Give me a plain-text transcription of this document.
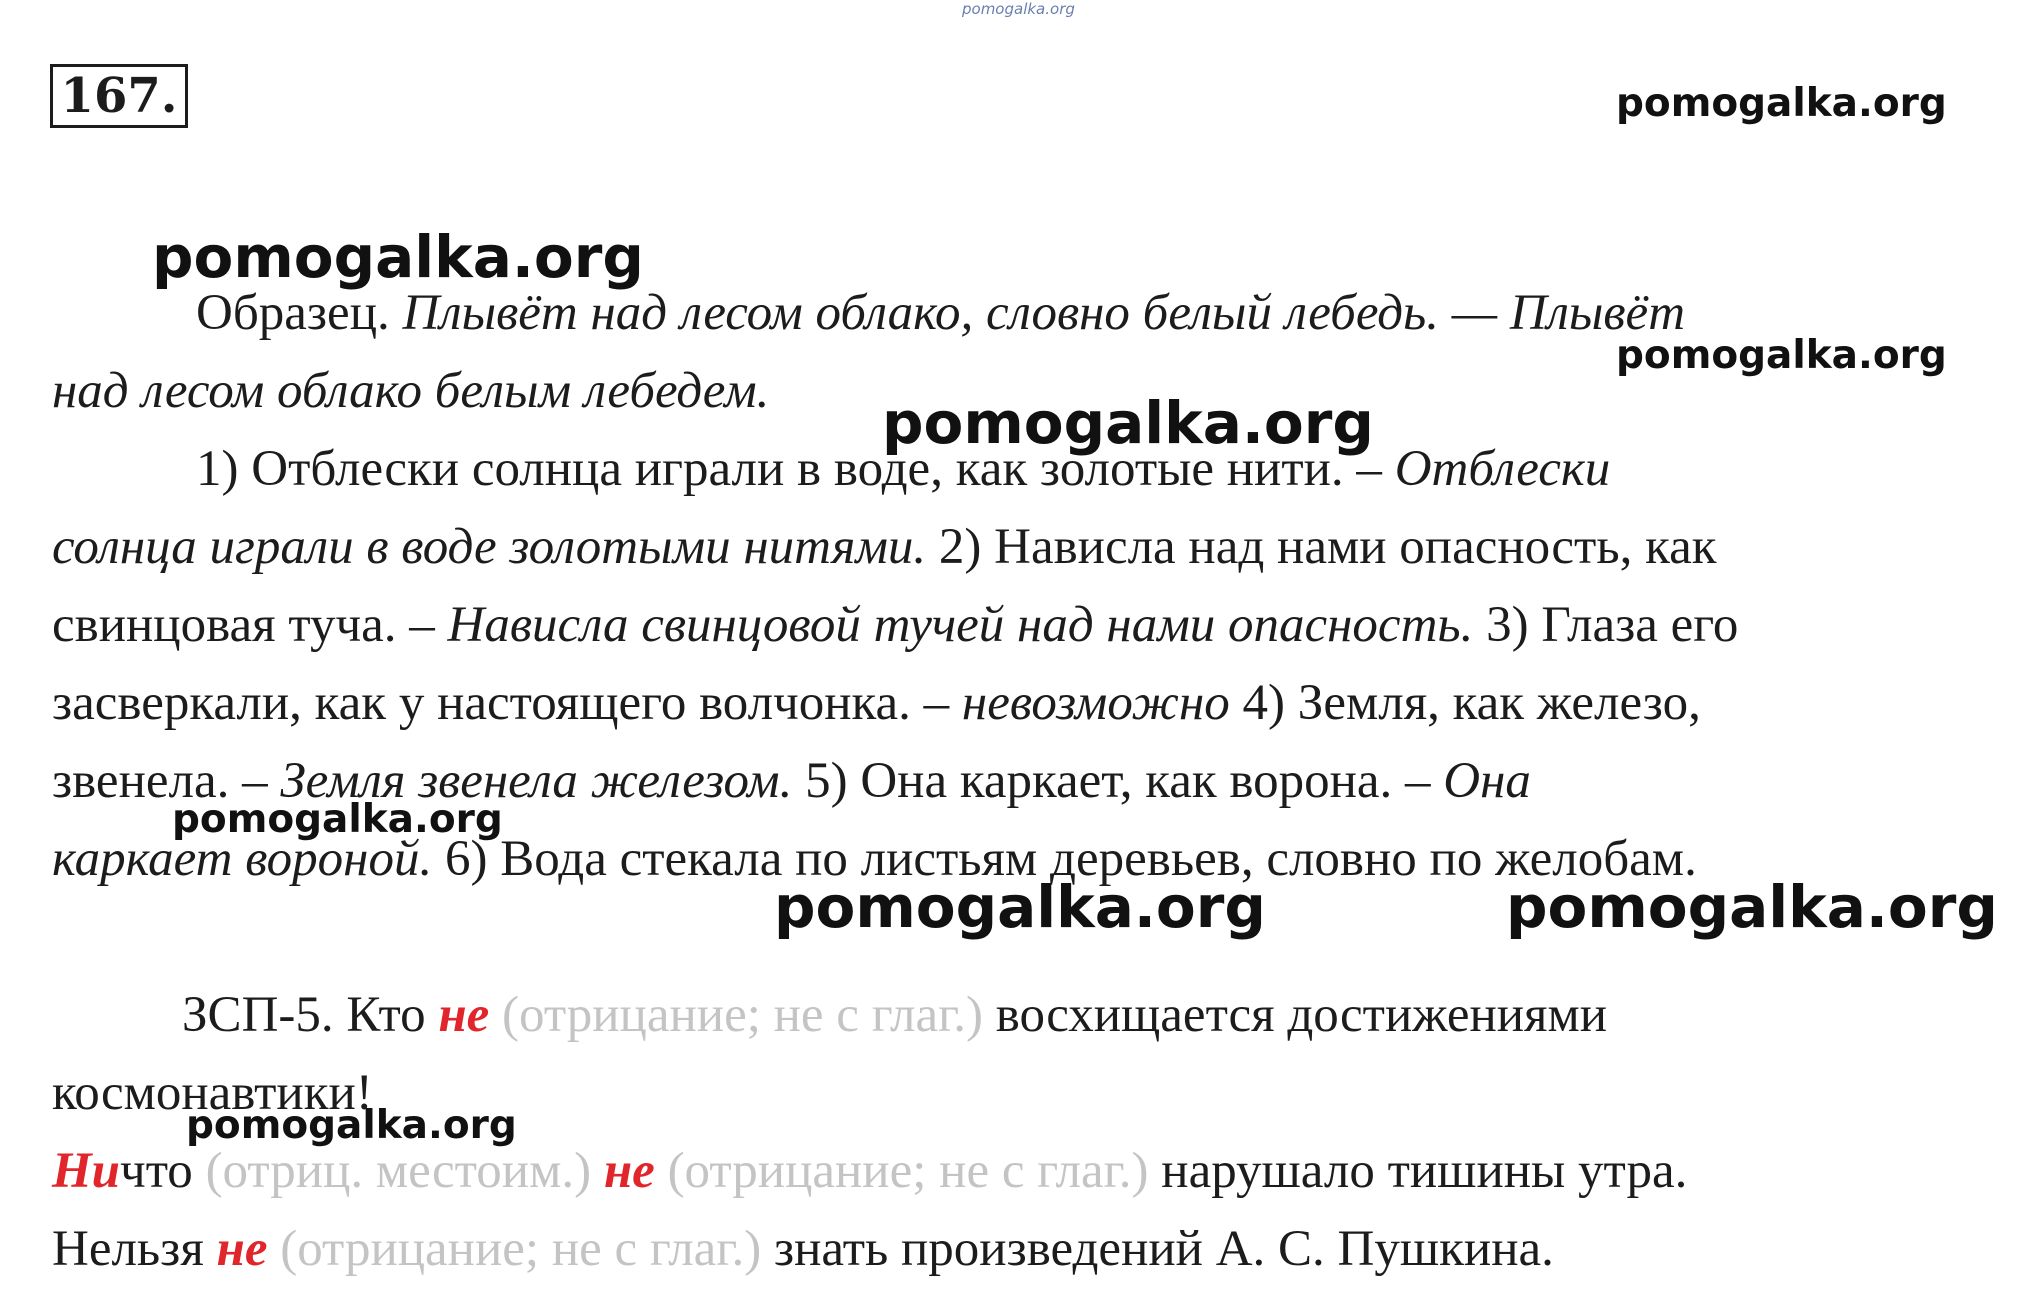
pomogalka.org
pomogalka.org
pomogalka.org
pomogalka.org
pomogalka.org
pomogalka.org
pomogalka.org	pomogalka.org
pomogalka.org
167.
Образец. Плывёт над лесом облако, словно белый лебедь. — Плывёт
над лесом облако белым лебедем.
1) Отблески солнца играли в воде, как золотые нити. – Отблески
солнца играли в воде золотыми нитями. 2) Нависла над нами опасность, как
свинцовая туча. – Нависла свинцовой тучей над нами опасность. 3) Глаза его
засверкали, как у настоящего волчонка. – невозможно 4) Земля, как железо,
звенела. – Земля звенела железом. 5) Она каркает, как ворона. – Она
каркает вороной. 6) Вода стекала по листьям деревьев, словно по желобам.
ЗСП-5. Кто не (отрицание; не с глаг.) восхищается достижениями
космонавтики!
Ничто (отриц. местоим.) не (отрицание; не с глаг.) нарушало тишины утра.
Нельзя не (отрицание; не с глаг.) знать произведений А. С. Пушкина.
